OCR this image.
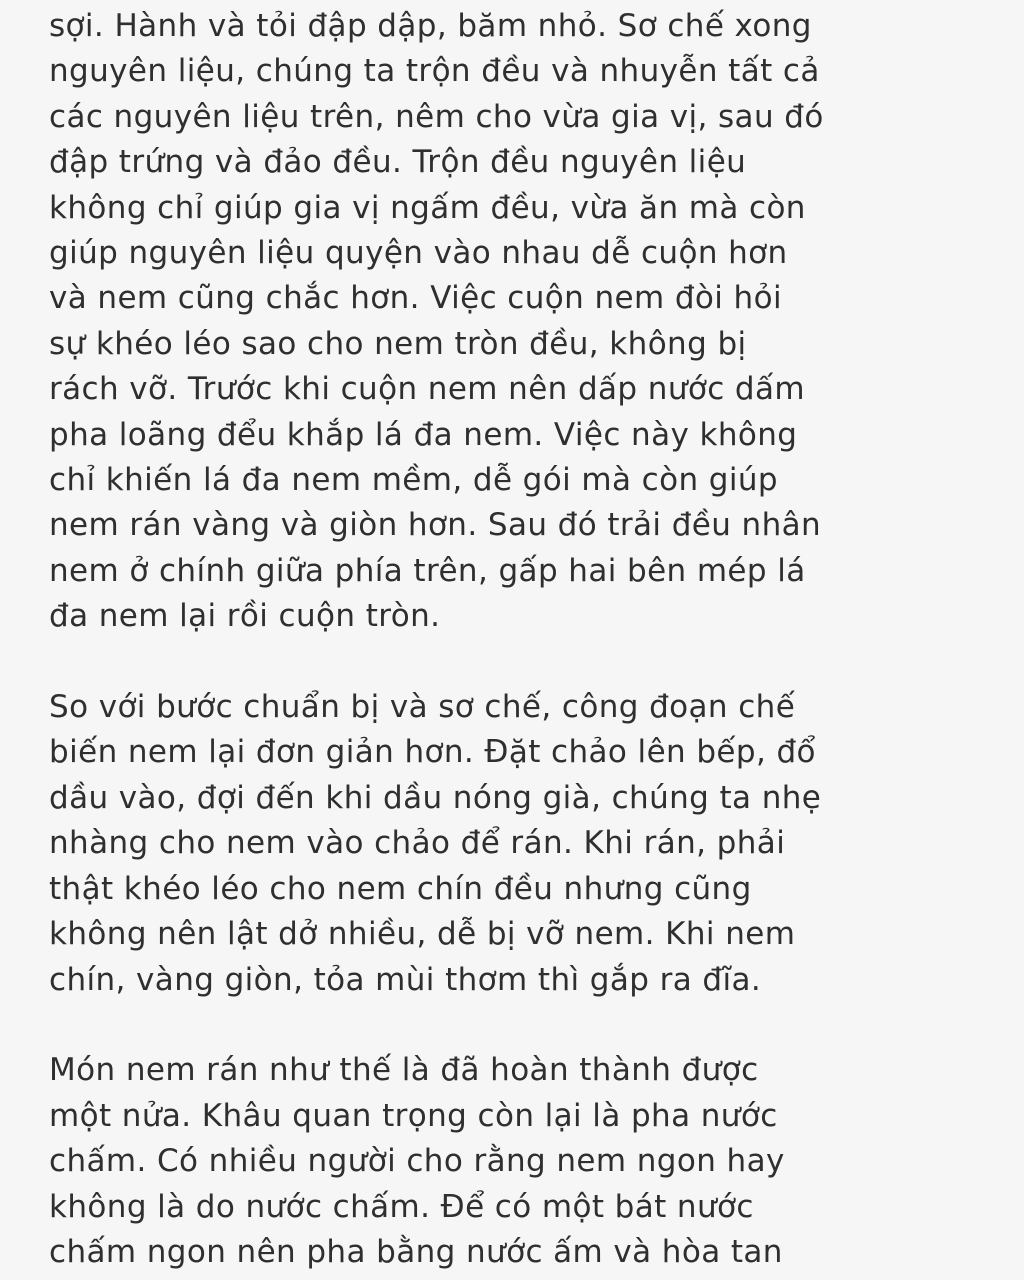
sợi. Hành và tỏi đập dập, băm nhỏ. Sơ chế xong
nguyên liệu, chúng ta trộn đều và nhuyễn tất cả
các nguyên liệu trên, nêm cho vừa gia vị, sau đó
đập trứng và đảo đều. Trộn đều nguyên liệu
không chỉ giúp gia vị ngấm đều, vừa ăn mà còn
giúp nguyên liệu quyện vào nhau dễ cuộn hơn
và nem cũng chắc hơn. Việc cuộn nem đòi hỏi
sự khéo léo sao cho nem tròn đều, không bị
rách vỡ. Trước khi cuộn nem nên dấp nước dấm
pha loãng đểu khắp lá đa nem. Việc này không
chỉ khiến lá đa nem mềm, dễ gói mà còn giúp
nem rán vàng và giòn hơn. Sau đó trải đều nhân
nem ở chính giữa phía trên, gấp hai bên mép lá
đa nem lại rồi cuộn tròn.

So với bước chuẩn bị và sơ chế, công đoạn chế
biến nem lại đơn giản hơn. Đặt chảo lên bếp, đổ
dầu vào, đợi đến khi dầu nóng già, chúng ta nhẹ
nhàng cho nem vào chảo để rán. Khi rán, phải
thật khéo léo cho nem chín đều nhưng cũng
không nên lật dở nhiều, dễ bị vỡ nem. Khi nem
chín, vàng giòn, tỏa mùi thơm thì gắp ra đĩa.

Món nem rán như thế là đã hoàn thành được
một nửa. Khâu quan trọng còn lại là pha nước
chấm. Có nhiều người cho rằng nem ngon hay
không là do nước chấm. Để có một bát nước
chấm ngon nên pha bằng nước ấm và hòa tan
